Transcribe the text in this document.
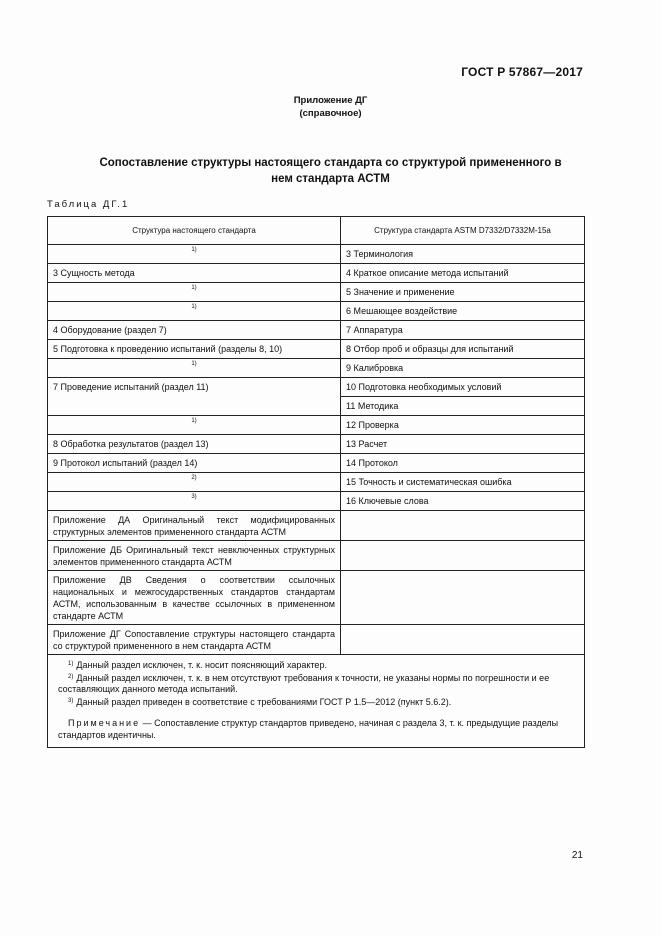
ГОСТ Р 57867—2017
Приложение ДГ
(справочное)
Сопоставление структуры настоящего стандарта со структурой примененного в нем стандарта АСТМ
Таблица ДГ.1
Структура настоящего стандарта	Структура стандарта ASTM D7332/D7332M-15a
1)	3 Терминология
3 Сущность метода	4 Краткое описание метода испытаний
1)	5 Значение и применение
1)	6 Мешающее воздействие
4 Оборудование (раздел 7)	7 Аппаратура
5 Подготовка к проведению испытаний (разделы 8, 10)	8 Отбор проб и образцы для испытаний
1)	9 Калибровка
7 Проведение испытаний (раздел 11)	10 Подготовка необходимых условий
	11 Методика
1)	12 Проверка
8 Обработка результатов (раздел 13)	13 Расчет
9 Протокол испытаний (раздел 14)	14 Протокол
2)	15 Точность и систематическая ошибка
3)	16 Ключевые слова
Приложение ДА Оригинальный текст модифицированных структурных элементов примененного стандарта АСТМ	
Приложение ДБ Оригинальный текст невключенных структурных элементов примененного стандарта АСТМ	
Приложение ДВ Сведения о соответствии ссылочных национальных и межгосударственных стандартов стандартам АСТМ, использованным в качестве ссылочных в примененном стандарте АСТМ	
Приложение ДГ Сопоставление структуры настоящего стандарта со структурой примененного в нем стандарта АСТМ	

$^{1)}$ Данный раздел исключен, т. к. носит поясняющий характер.
$^{2)}$ Данный раздел исключен, т. к. в нем отсутствуют требования к точности, не указаны нормы по погрешности и ее составляющих данного метода испытаний.
$^{3)}$ Данный раздел приведен в соответствие с требованиями ГОСТ Р 1.5—2012 (пункт 5.6.2).
Примечание — Сопоставление структур стандартов приведено, начиная с раздела 3, т. к. предыдущие разделы стандартов идентичны.	
21
